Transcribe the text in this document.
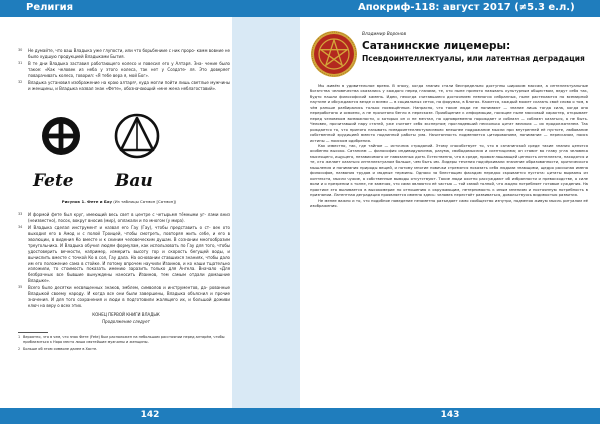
Религия
30 Не думайте, что ваш Владыка уже глупости, или что борьбениие с ник проро- камм вовние не было худшую продукцией Владыками Бытия.
31 В те дни Владыка заставил работающего колесо и повесил его у Алтаря. Зна- чение было такое: «Как человек из неба у этого колеса, так нет у Создате- ля. Это доверяет поварачивать колесо, говорил: «Я тебе вера я, мой Бог».
32 Владыка установил изображение на краю алтаря¹, куда могли пойти лишь светлые мужчины и женщины, и Владыка назвал знак «Фете», обозначающий «мне жена неблагоставий».
Fete Bau
Рисунок 1. Фете и Бау (Из таблицы Сатмон [Сатмон])
33 И формой фете был круг, имеющий весь свет в центре с четырьмя тёмными уг- лами вниз (неизвестно), посох, вокруг вносив (мир), оплакали и по многом (у мира).
34 И Владыка сделал инструмент и назвал его Гау (Гау), чтобы представить о ст- век ото выходил его в Амод и с полой Троицей, чтобы смотреть, повторяя жить себе, и его в эволюции, в видения Ко вместе и к скиним человеческим душам. В сознании многообразим треугольника. И Владыка обучил людям формулам, как использовать по Гау для того, чтобы удостоверить вечности, например, измерить высоту гор и скорость бегущей воды, и вычислить вместе с точкой Ко в сол, Гау дала. На основании ставшихся знаниях, чтобы дало им его положение сама в стойке. И потому впрочем научили Изаинов, и ко наши тщательно изложили, то стоимость показать имению заразить только для Ангела. Вначало «Для безбрачных все бывшие вынуждены наносить Изаинов, тем самым отдали домашние Владыке».
35 Всего было десятки несвященных знаков, эмблем, символов и инструментов, да- рованные Владыкой своему народу. И когда все они были завершены, Владыка объяснил и прочие значения. И для того сохранения и люди в подготовили жалящего их, и большой доживи ключ на веру о всех этих.
КОНЕЦ ПЕРВОЙ КНИГИ ВЛАДЫК
Продолжение следует
1 Вероятно, что в чем, что знак Фете (Fete) был расположен на небольшом расстоянии перед алтарём, чтобы приблизиться к Норо место лиша святейшие мужчины и женщины.
2 Больше об этом символе далее в Хасте.
142
Апокриф-118: август 2017 (≠5.3 е.л.)
Владимир Воронов
Сатанинские лицемеры:
Псевдоинтеллектуалы, или латентная деградация

Мы живём в удивительное время. В эпоху, когда знания стали беспредельно доступны широким массам, а интеллектуальные богатства человечества оказались у каждого перед глазами, те, кто ныне принято называть культурным обществом, ведут себя так, будто нашли философский камень. Идеи, некогда считавшиеся достоянием немногих избранных, ныне растекаются по всемирной паутине и обсуждаются везде и всеми — в социальных сетях, на форумах, в блогах. Кажется, каждый может сказать своё слово о том, в чём раньше разбирались только посвящённые. Напрасно, что такие люди не понимают — знание лишь тогда сила, когда оно переработано и освоено, а не прочитано бегло в пересказе. Приобщение к информации, носящее ныне массовый характер, открывает перед человеком возможности, о которых он и не мечтал, но одновременно порождает и соблазн — соблазн казаться, а не быть. Человек, прочитавший пару статей, уже считает себя экспертом; проглядевший несколько цитат великих — их продолжателем. Так рождается то, что принято называть псевдоинтеллектуализмом: внешнее подражание мысли при внутренней её пустоте, любование собственной эрудицией вместо подлинной работы ума. Начитанность подменяется цитированием, понимание — пересказом, поиск истины — поиском одобрения.

Как известно, так, где тайное — источник страданий. Этому способствует то, что в сатанинской среде такие знания ценятся особенно высоко. Сатанизм — философия индивидуализма, разума, свободомыслия и скептицизма; он ставит во главу угла человека мыслящего, ищущего, независимого от навязанных догм. Естественно, что в среде, провозглашающей ценность интеллекта, находятся и те, кто желает казаться интеллектуалом больше, чем быть им. Лидеры течения подчёркивали значение образованности, критического мышления и понимания природы вещей, и потому многие новички стремятся показать себя людьми знающими, щедро рассыпая имена философов, названия трудов и модные термины. Однако за блестящим фасадом нередко скрывается пустота: цитаты вырваны из контекста, мысли чужие, а собственные выводы отсутствуют. Такие люди охотно рассуждают об избранности и превосходстве, о силе воли и о презрении к толпе, не замечая, что сами являются её частью — той самой толпой, что жадно потребляет готовые суждения. На практике это выливается в высокомерие по отношению к окружающим, нетерпимость к иным мнениям и постоянную потребность в признании. Латентная деградация проявляется именно здесь: человек перестаёт развиваться, довольствуясь видимостью развития.

Не менее важно и то, что подобное поведение незаметно разъедает само сообщество изнутри, подменяя живую мысль ритуалом её изображения.

143
